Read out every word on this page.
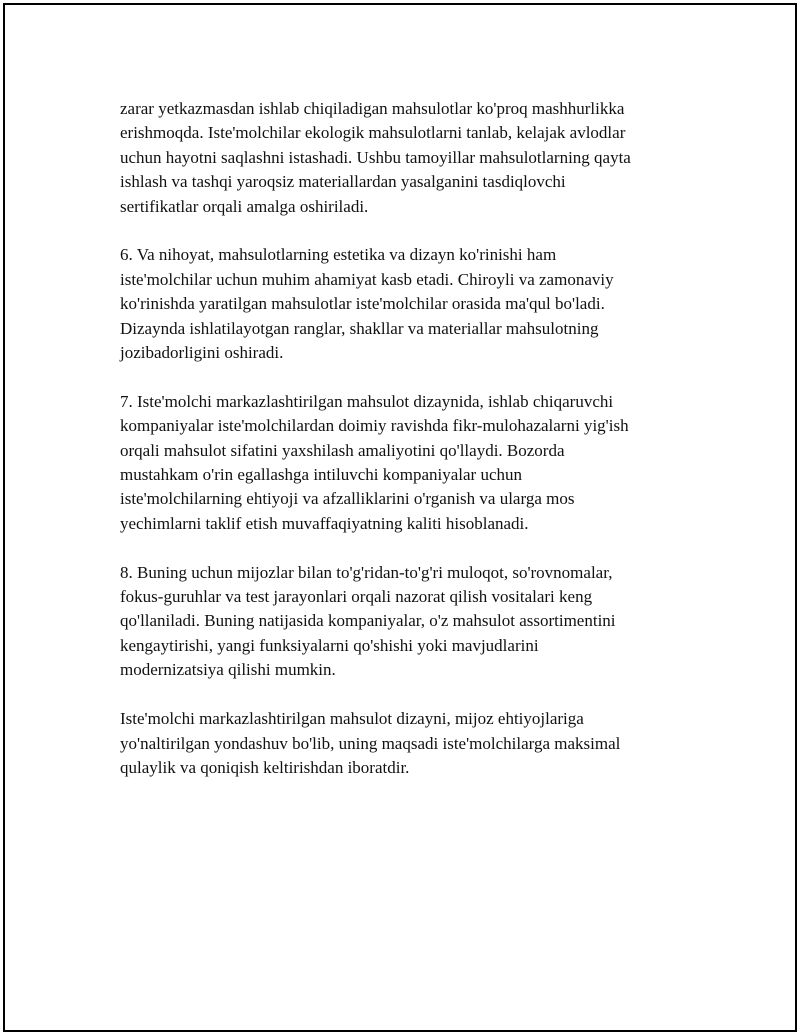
zarar yetkazmasdan ishlab chiqiladigan mahsulotlar ko'proq mashhurlikka
erishmoqda. Iste'molchilar ekologik mahsulotlarni tanlab, kelajak avlodlar
uchun hayotni saqlashni istashadi. Ushbu tamoyillar mahsulotlarning qayta
ishlash va tashqi yaroqsiz materiallardan yasalganini tasdiqlovchi
sertifikatlar orqali amalga oshiriladi.

6. Va nihoyat, mahsulotlarning estetika va dizayn ko'rinishi ham
iste'molchilar uchun muhim ahamiyat kasb etadi. Chiroyli va zamonaviy
ko'rinishda yaratilgan mahsulotlar iste'molchilar orasida ma'qul bo'ladi.
Dizaynda ishlatilayotgan ranglar, shakllar va materiallar mahsulotning
jozibadorligini oshiradi.

7. Iste'molchi markazlashtirilgan mahsulot dizaynida, ishlab chiqaruvchi
kompaniyalar iste'molchilardan doimiy ravishda fikr-mulohazalarni yig'ish
orqali mahsulot sifatini yaxshilash amaliyotini qo'llaydi. Bozorda
mustahkam o'rin egallashga intiluvchi kompaniyalar uchun
iste'molchilarning ehtiyoji va afzalliklarini o'rganish va ularga mos
yechimlarni taklif etish muvaffaqiyatning kaliti hisoblanadi.

8. Buning uchun mijozlar bilan to'g'ridan-to'g'ri muloqot, so'rovnomalar,
fokus-guruhlar va test jarayonlari orqali nazorat qilish vositalari keng
qo'llaniladi. Buning natijasida kompaniyalar, o'z mahsulot assortimentini
kengaytirishi, yangi funksiyalarni qo'shishi yoki mavjudlarini
modernizatsiya qilishi mumkin.

Iste'molchi markazlashtirilgan mahsulot dizayni, mijoz ehtiyojlariga
yo'naltirilgan yondashuv bo'lib, uning maqsadi iste'molchilarga maksimal
qulaylik va qoniqish keltirishdan iboratdir.
